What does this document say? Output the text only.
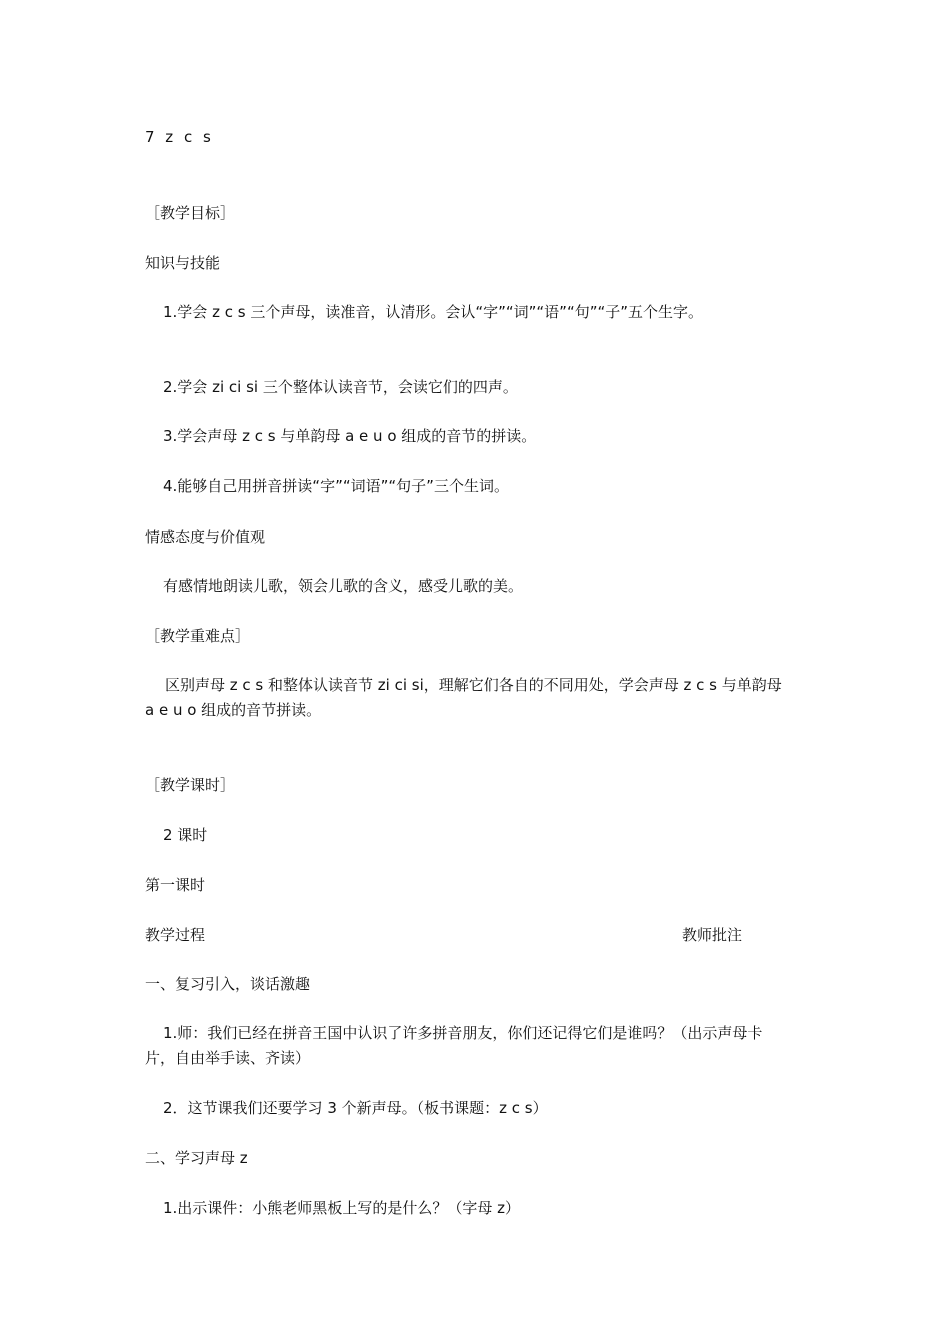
7 z c s
［教学目标］
知识与技能
1.学会 z c s 三个声母，读准音，认清形。会认“字”“词”“语”“句”“子”五个生字。
2.学会 zi ci si 三个整体认读音节，会读它们的四声。
3.学会声母 z c s 与单韵母 a e u o 组成的音节的拼读。
4.能够自己用拼音拼读“字”“词语”“句子”三个生词。
情感态度与价值观
有感情地朗读儿歌，领会儿歌的含义，感受儿歌的美。
［教学重难点］
区别声母 z c s 和整体认读音节 zi ci si，理解它们各自的不同用处，学会声母 z c s 与单韵母 a e u o 组成的音节拼读。
［教学课时］
2 课时
第一课时
教学过程	教师批注
一、复习引入，谈话激趣
1.师：我们已经在拼音王国中认识了许多拼音朋友，你们还记得它们是谁吗？（出示声母卡片，自由举手读、齐读）
2．这节课我们还要学习 3 个新声母。（板书课题：z c s）
二、学习声母 z
1.出示课件：小熊老师黑板上写的是什么？（字母 z）
